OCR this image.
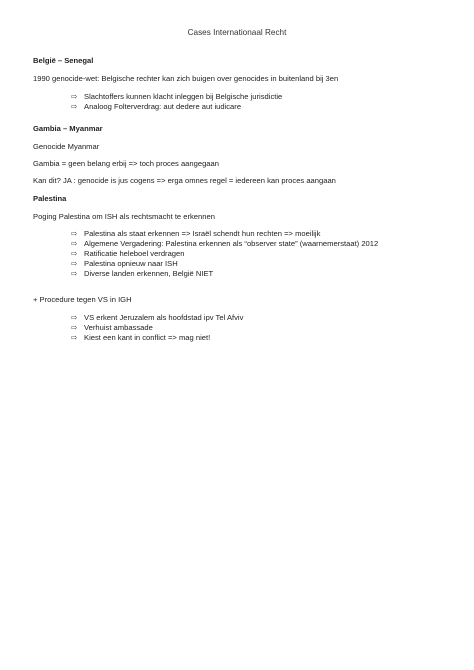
Cases Internationaal Recht
België – Senegal
1990 genocide-wet: Belgische rechter kan zich buigen over genocides in buitenland bij 3en
⇨ Slachtoffers kunnen klacht inleggen bij Belgische jurisdictie
⇨ Analoog Folterverdrag: aut dedere aut iudicare
Gambia – Myanmar
Genocide Myanmar
Gambia = geen belang erbij => toch proces aangegaan
Kan dit? JA : genocide is jus cogens => erga omnes regel = iedereen kan proces aangaan
Palestina
Poging Palestina om ISH als rechtsmacht te erkennen
⇨ Palestina als staat erkennen => Israël schendt hun rechten => moeilijk
⇨ Algemene Vergadering: Palestina erkennen als “observer state” (waarnemerstaat) 2012
⇨ Ratificatie heleboel verdragen
⇨ Palestina opnieuw naar ISH
⇨ Diverse landen erkennen, België NIET
+ Procedure tegen VS in IGH
⇨ VS erkent Jeruzalem als hoofdstad ipv Tel Afviv
⇨ Verhuist ambassade
⇨ Kiest een kant in conflict => mag niet!
